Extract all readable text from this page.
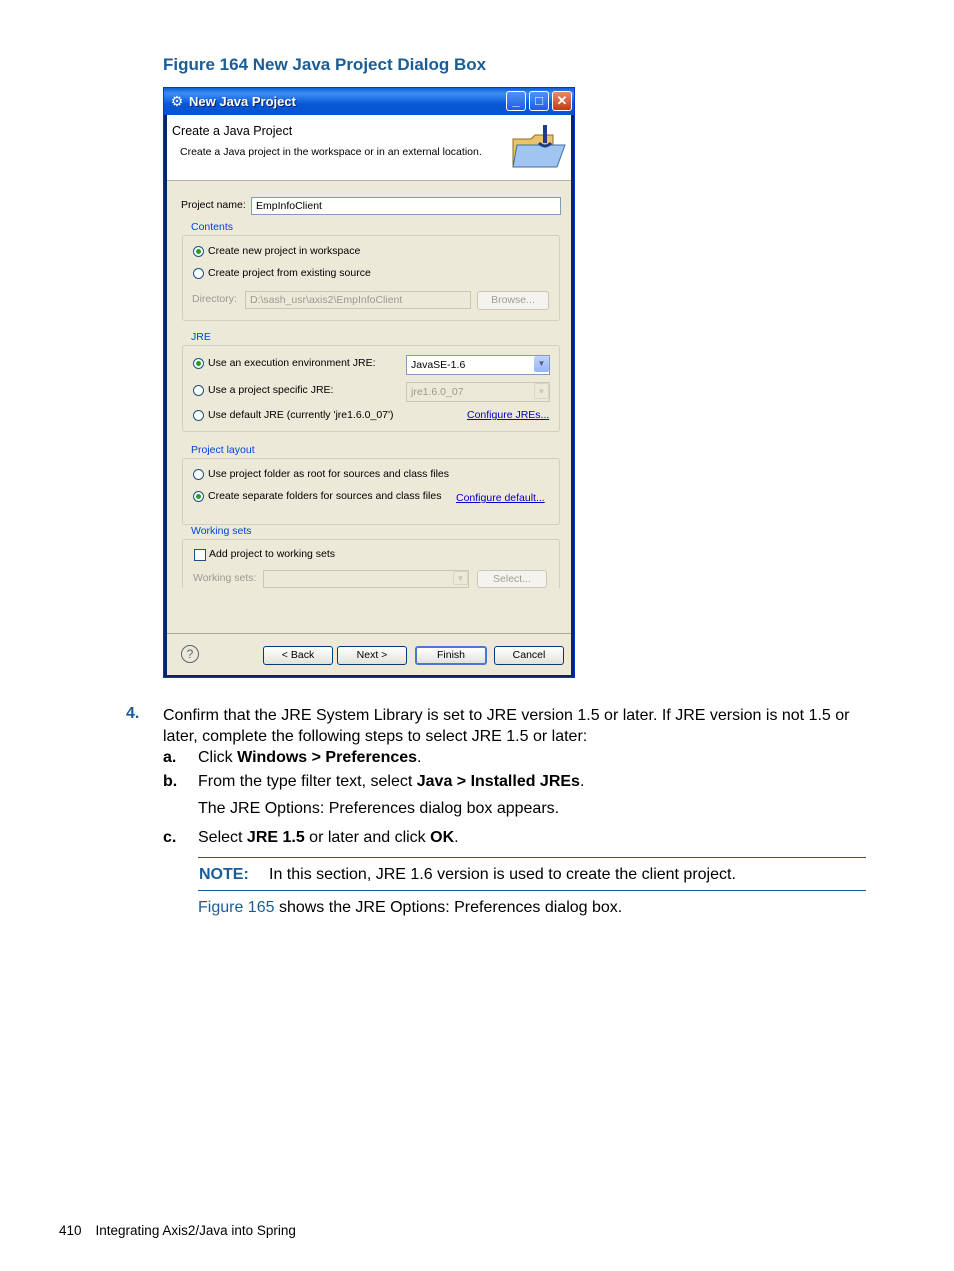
Figure 164 New Java Project Dialog Box
⚙ New Java Project	_	□	✕
Create a Java Project
Create a Java project in the workspace or in an external location.
Project name: EmpInfoClient
Contents
Create new project in workspace
Create project from existing source
Directory:	D:\sash_usr\axis2\EmpInfoClient	Browse...
JRE
Use an execution environment JRE:	JavaSE-1.6	▼
Use a project specific JRE:	jre1.6.0_07	▼
Use default JRE (currently 'jre1.6.0_07')	Configure JREs...
Project layout
Use project folder as root for sources and class files
Create separate folders for sources and class files Configure default...
Working sets
Add project to working sets
Working sets:	▼	Select...
?	< Back	Next >	Finish	Cancel
4. Confirm that the JRE System Library is set to JRE version 1.5 or later. If JRE version is not 1.5 or later, complete the following steps to select JRE 1.5 or later:
a. Click Windows > Preferences.
b. From the type filter text, select Java > Installed JREs.
The JRE Options: Preferences dialog box appears.
c. Select JRE 1.5 or later and click OK.
NOTE: In this section, JRE 1.6 version is used to create the client project.
Figure 165 shows the JRE Options: Preferences dialog box.
410 Integrating Axis2/Java into Spring
